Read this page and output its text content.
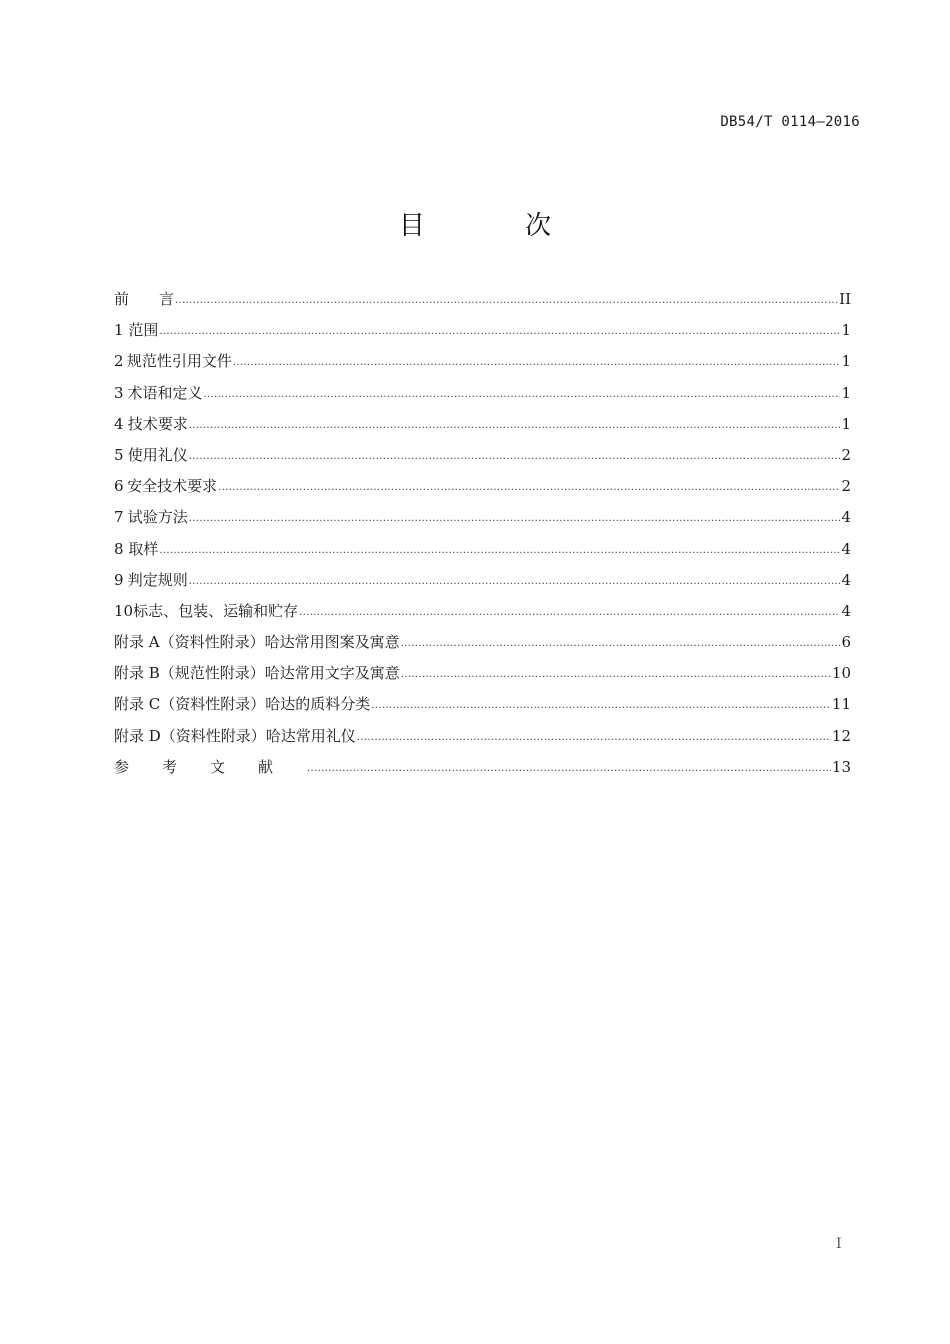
DB54/T 0114—2016
目 次
前　　言 .....	II
1 范围 .....	1
2 规范性引用文件 .....	1
3 术语和定义 .....	1
4 技术要求 .....	1
5 使用礼仪 .....	2
6 安全技术要求 .....	2
7 试验方法 .....	4
8 取样 .....	4
9 判定规则 .....	4
10 标志、包装、运输和贮存 .....	4
附录 A（资料性附录） 哈达常用图案及寓意 .....	6
附录 B（规范性附录） 哈达常用文字及寓意 .....	10
附录 C（资料性附录） 哈达的质料分类 .....	11
附录 D（资料性附录） 哈达常用礼仪 .....	12
参考文献 .....	13
I
